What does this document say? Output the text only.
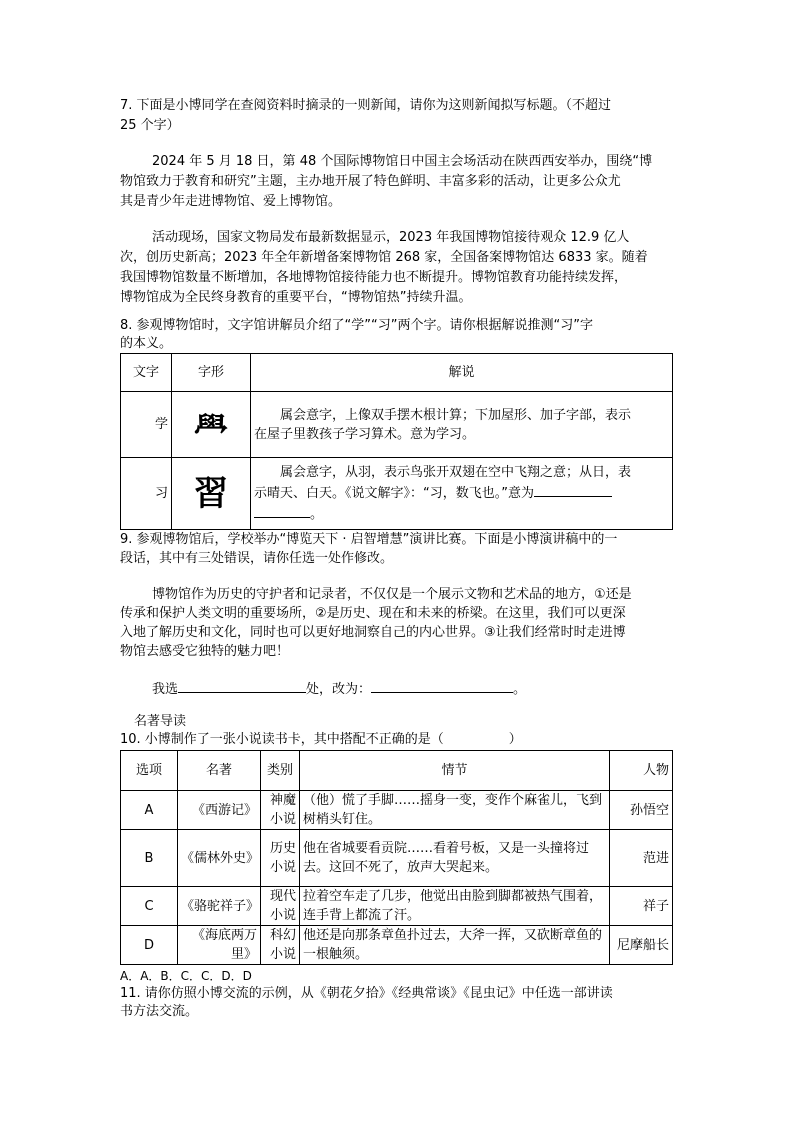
7. 下面是小博同学在查阅资料时摘录的一则新闻，请你为这则新闻拟写标题。（不超过
25 个字）
2024 年 5 月 18 日，第 48 个国际博物馆日中国主会场活动在陕西西安举办，围绕“博
物馆致力于教育和研究”主题，主办地开展了特色鲜明、丰富多彩的活动，让更多公众尤
其是青少年走进博物馆、爱上博物馆。
活动现场，国家文物局发布最新数据显示，2023 年我国博物馆接待观众 12.9 亿人
次，创历史新高；2023 年全年新增备案博物馆 268 家，全国备案博物馆达 6833 家。随着
我国博物馆数量不断增加，各地博物馆接待能力也不断提升。博物馆教育功能持续发挥，
博物馆成为全民终身教育的重要平台，“博物馆热”持续升温。
8. 参观博物馆时，文字馆讲解员介绍了“学”“习”两个字。请你根据解说推测“习”字
的本义。
文字	字形	解说
学	𦥯	属会意字，上像双手摆木根计算；下加屋形、加子字部，表示
在屋子里教孩子学习算术。意为学习。

习	習	属会意字，从羽，表示鸟张开双翅在空中飞翔之意；从日，表
示晴天、白天。《说文解字》：“习，数飞也。”意为
。
9. 参观博物馆后，学校举办“博览天下 · 启智增慧”演讲比赛。下面是小博演讲稿中的一
段话，其中有三处错误，请你任选一处作修改。
博物馆作为历史的守护者和记录者，不仅仅是一个展示文物和艺术品的地方，①还是
传承和保护人类文明的重要场所，②是历史、现在和未来的桥梁。在这里，我们可以更深
入地了解历史和文化，同时也可以更好地洞察自己的内心世界。③让我们经常时时走进博
物馆去感受它独特的魅力吧！
我选	处，改为：	。
名著导读
10. 小博制作了一张小说读书卡，其中搭配不正确的是（　　　　　）
选项	名著	类别	情节	人物
A	《西游记》	神魔小说	（他）慌了手脚……摇身一变，变作个麻雀儿，飞到树梢头钉住。	孙悟空
B	《儒林外史》	历史小说	他在省城要看贡院……看着号板，又是一头撞将过去。这回不死了，放声大哭起来。	范进
C	《骆驼祥子》	现代小说	拉着空车走了几步，他觉出由脸到脚都被热气围着，连手背上都流了汗。	祥子
D	《海底两万里》	科幻小说	他还是向那条章鱼扑过去，大斧一挥，又砍断章鱼的一根触须。	尼摩船长
A．A．B．C．C．D．D
11. 请你仿照小博交流的示例，从《朝花夕拾》《经典常谈》《昆虫记》中任选一部讲读
书方法交流。
